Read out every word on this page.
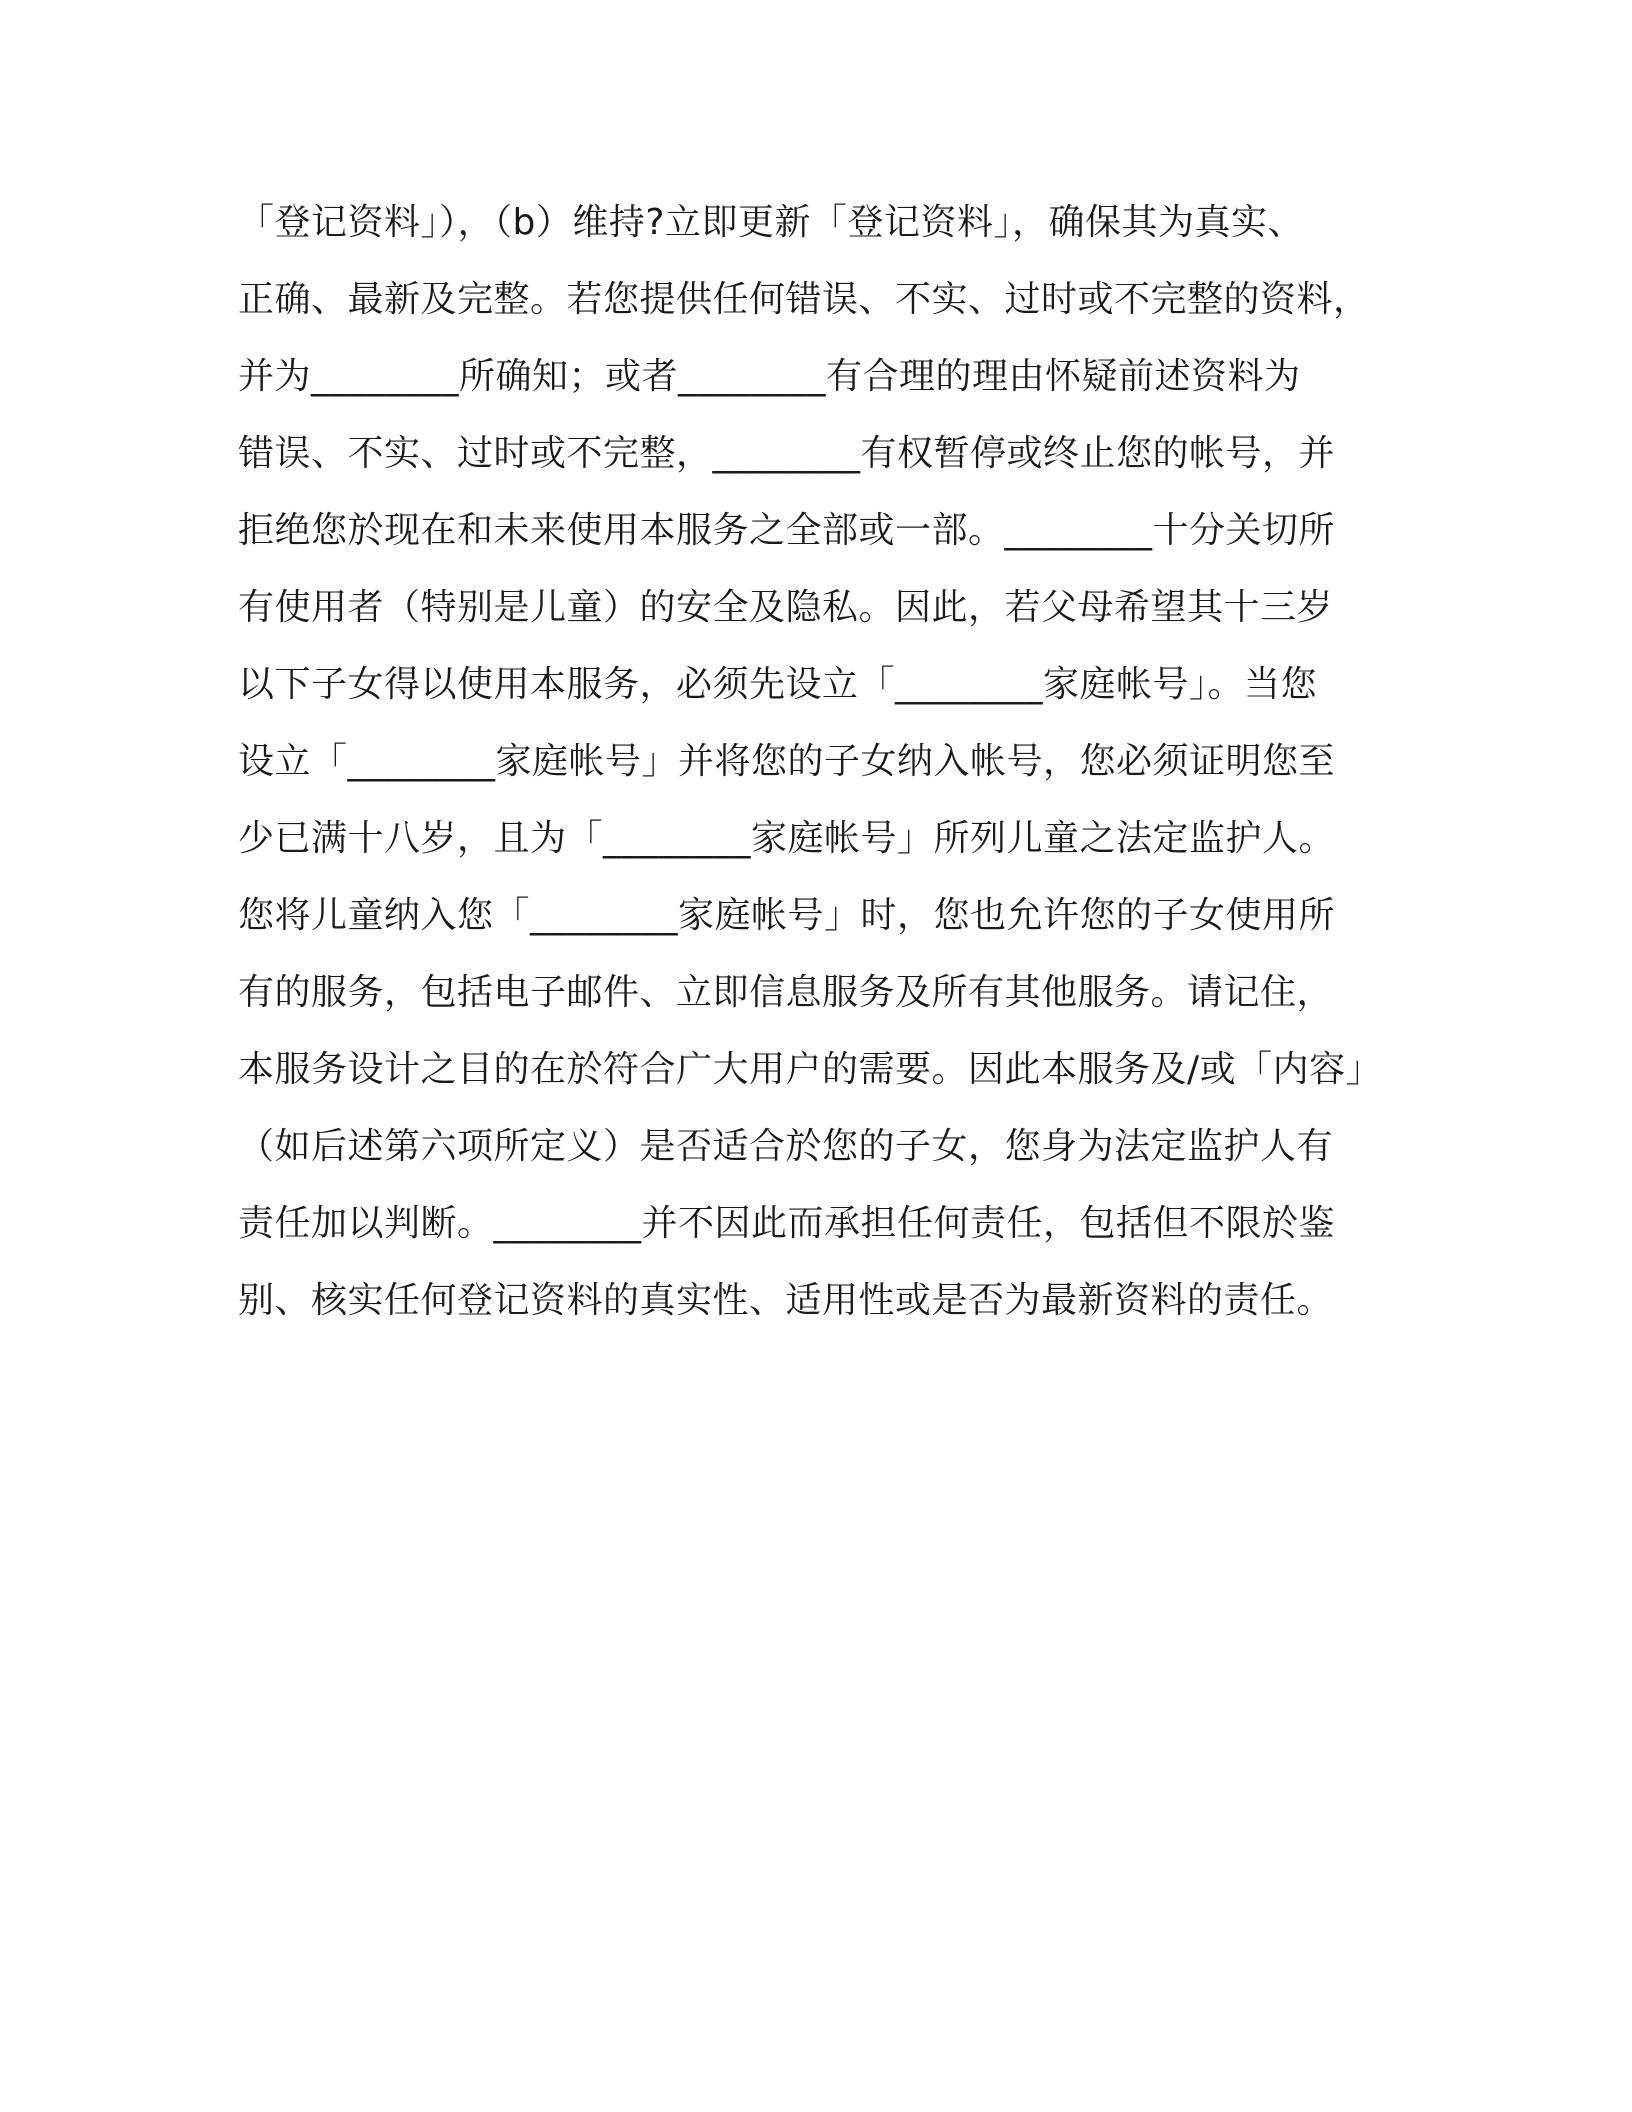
「登记资料」），（b）维持?立即更新「登记资料」，确保其为真实、
正确、最新及完整。若您提供任何错误、不实、过时或不完整的资料，
并为________所确知；或者________有合理的理由怀疑前述资料为
错误、不实、过时或不完整，________有权暂停或终止您的帐号，并
拒绝您於现在和未来使用本服务之全部或一部。________十分关切所
有使用者（特别是儿童）的安全及隐私。因此，若父母希望其十三岁
以下子女得以使用本服务，必须先设立「________家庭帐号」。当您
设立「________家庭帐号」并将您的子女纳入帐号，您必须证明您至
少已满十八岁，且为「________家庭帐号」所列儿童之法定监护人。
您将儿童纳入您「________家庭帐号」时，您也允许您的子女使用所
有的服务，包括电子邮件、立即信息服务及所有其他服务。请记住，
本服务设计之目的在於符合广大用户的需要。因此本服务及/或「内容」
（如后述第六项所定义）是否适合於您的子女，您身为法定监护人有
责任加以判断。________并不因此而承担任何责任，包括但不限於鉴
别、核实任何登记资料的真实性、适用性或是否为最新资料的责任。
